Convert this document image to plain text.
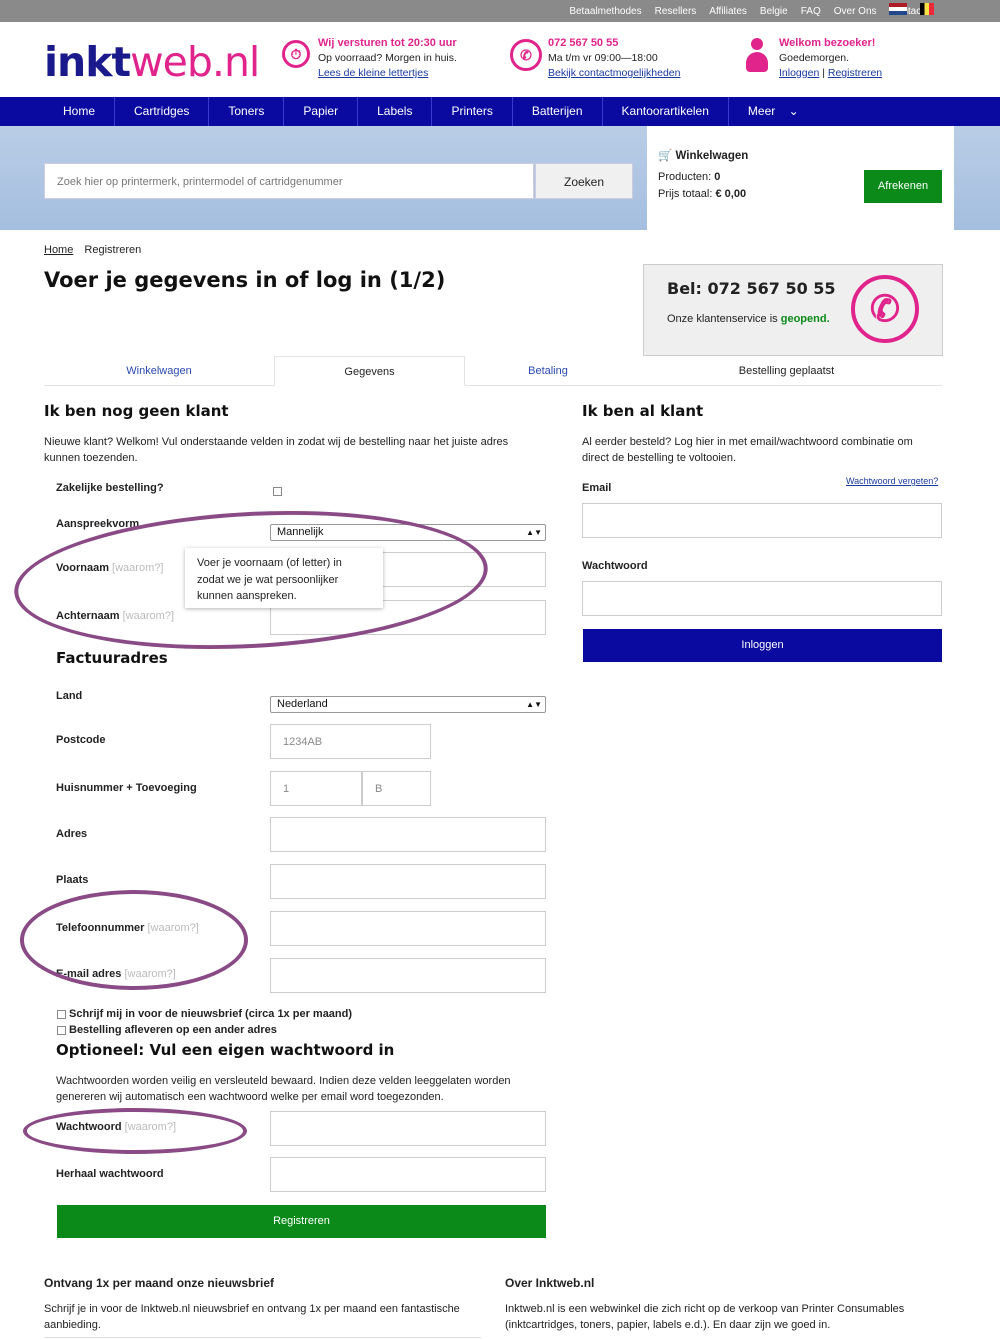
Betaalmethodes Resellers Affiliates Belgie FAQ Over Ons
inktweb.nl	⏱
Wij versturen tot 20:30 uur
Op voorraad? Morgen in huis.
Lees de kleine lettertjes
✆
072 567 50 55
Ma t/m vr 09:00—18:00
Bekijk contactmogelijkheden
Welkom bezoeker!
Goedemorgen.
Inloggen | Registreren
Home	Cartridges	Toners	Papier	Labels	Printers	Batterijen	Kantoorartikelen	Meer ⌄
Zoek hier op printermerk, printermodel of cartridgenummer	Zoeken
🛒 Winkelwagen
Producten: 0
Prijs totaal: € 0,00
Afrekenen
Home Registreren
Voer je gegevens in of log in (1/2)	Bel: 072 567 50 55
Onze klantenservice is geopend.	✆
Winkelwagen	Gegevens	Betaling	Bestelling geplaatst
Ik ben nog geen klant
Nieuwe klant? Welkom! Vul onderstaande velden in zodat wij de bestelling naar het juiste adres kunnen toezenden.
Zakelijke bestelling?
Aanspreekvorm
Mannelijk	▲▼
Voornaam [waarom?]
Achternaam [waarom?]
Voer je voornaam (of letter) in zodat we je wat persoonlijker kunnen aanspreken.
Factuuradres
Land
Nederland	▲▼
Postcode	1234AB
Huisnummer + Toevoeging	1	B
Adres
Plaats
Telefoonnummer [waarom?]
E-mail adres [waarom?]
Schrijf mij in voor de nieuwsbrief (circa 1x per maand)
Bestelling afleveren op een ander adres
Optioneel: Vul een eigen wachtwoord in
Wachtwoorden worden veilig en versleuteld bewaard. Indien deze velden leeggelaten worden genereren wij automatisch een wachtwoord welke per email word toegezonden.
Wachtwoord [waarom?]
Herhaal wachtwoord
Registreren
Ik ben al klant
Al eerder besteld? Log hier in met email/wachtwoord combinatie om direct de bestelling te voltooien.
Wachtwoord vergeten?
Email
Wachtwoord
Inloggen
Ontvang 1x per maand onze nieuwsbrief
Schrijf je in voor de Inktweb.nl nieuwsbrief en ontvang 1x per maand een fantastische aanbieding.
Over Inktweb.nl
Inktweb.nl is een webwinkel die zich richt op de verkoop van Printer Consumables (inktcartridges, toners, papier, labels e.d.). En daar zijn we goed in.
